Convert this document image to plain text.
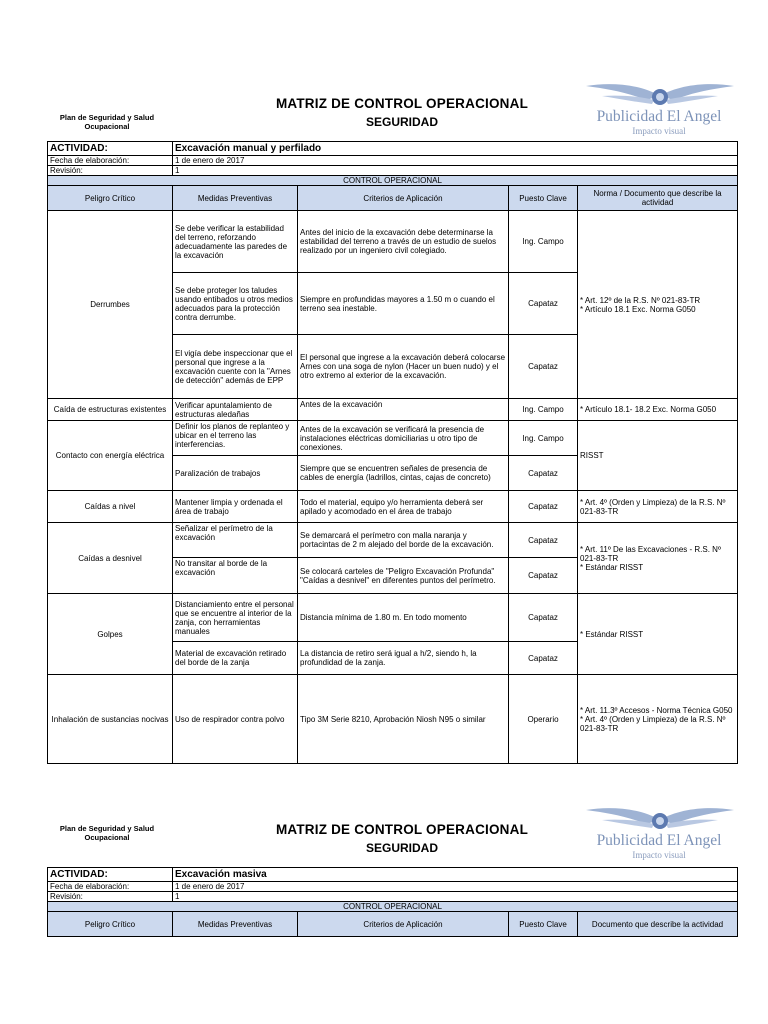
Plan de Seguridad y Salud
Ocupacional
MATRIZ DE CONTROL OPERACIONAL
SEGURIDAD	Publicidad El Angel
Impacto visual
ACTIVIDAD:	Excavación manual y perfilado			
Fecha de elaboración:	1 de enero de 2017			
Revisión:	1			
CONTROL OPERACIONAL				
Peligro Crítico	Medidas Preventivas	Criterios de Aplicación	Puesto Clave	Norma / Documento que describe la actividad
Derrumbes	Se debe verificar la estabilidad del terreno, reforzando adecuadamente las paredes de la excavación	Antes del inicio de la excavación debe determinarse la estabilidad del terreno a través de un estudio de suelos realizado por un ingeniero civil colegiado.	Ing. Campo	* Art. 12º de la R.S. Nº 021-83-TR
* Artículo 18.1 Exc. Norma G050
	Se debe proteger los taludes usando entibados u otros medios adecuados para la protección contra derrumbe.	Siempre en profundidas mayores a 1.50 m o cuando el terreno sea inestable.	Capataz	
	El vigía debe inspeccionar que el personal que ingrese a la excavación cuente con la "Arnes de detección" además de EPP	El personal que ingrese a la excavación deberá colocarse Arnes con una soga de nylon (Hacer un buen nudo) y el otro extremo al exterior de la excavación.	Capataz	
Caída de estructuras existentes	Verificar apuntalamiento de estructuras aledañas	Antes de la excavación	Ing. Campo	* Artículo 18.1- 18.2 Exc. Norma G050
Contacto con energía eléctrica	Definir los planos de replanteo y ubicar en el terreno las interferencias.	Antes de la excavación se verificará la presencia de instalaciones eléctricas domiciliarias u otro tipo de conexiones.	Ing. Campo	RISST
	Paralización de trabajos	Siempre que se encuentren señales de presencia de cables de energía (ladrillos, cintas, cajas de concreto)	Capataz	
Caídas a nivel	Mantener limpia y ordenada el área de trabajo	Todo el material, equipo y/o herramienta deberá ser apilado y acomodado en el área de trabajo	Capataz	* Art. 4º (Orden y Limpieza) de la R.S. Nº 021-83-TR
Caídas a desnivel	Señalizar el perímetro de la excavación	Se demarcará el perímetro con malla naranja y portacintas de 2 m alejado del borde de la excavación.	Capataz	* Art. 11º De las Excavaciones - R.S. Nº 021-83-TR
* Estándar RISST
	No transitar al borde de la excavación	Se colocará carteles de "Peligro Excavación Profunda" "Caídas a desnivel" en diferentes puntos del perímetro.	Capataz	
Golpes	Distanciamiento entre el personal que se encuentre al interior de la zanja, con herramientas manuales	Distancia mínima de 1.80 m. En todo momento	Capataz	* Estándar RISST
	Material de excavación retirado del borde de la zanja	La distancia de retiro será igual a h/2, siendo h, la profundidad de la zanja.	Capataz	
Inhalación de sustancias nocivas	Uso de respirador contra polvo	Tipo 3M Serie 8210, Aprobación Niosh N95 o similar	Operario	* Art. 11.3º Accesos - Norma Técnica G050
* Art. 4º (Orden y Limpieza) de la R.S. Nº 021-83-TR
Plan de Seguridad y Salud
Ocupacional
MATRIZ DE CONTROL OPERACIONAL
SEGURIDAD	Publicidad El Angel
Impacto visual
ACTIVIDAD:	Excavación masiva			
Fecha de elaboración:	1 de enero de 2017			
Revisión:	1			
CONTROL OPERACIONAL				
Peligro Crítico	Medidas Preventivas	Criterios de Aplicación	Puesto Clave	Documento que describe la actividad
